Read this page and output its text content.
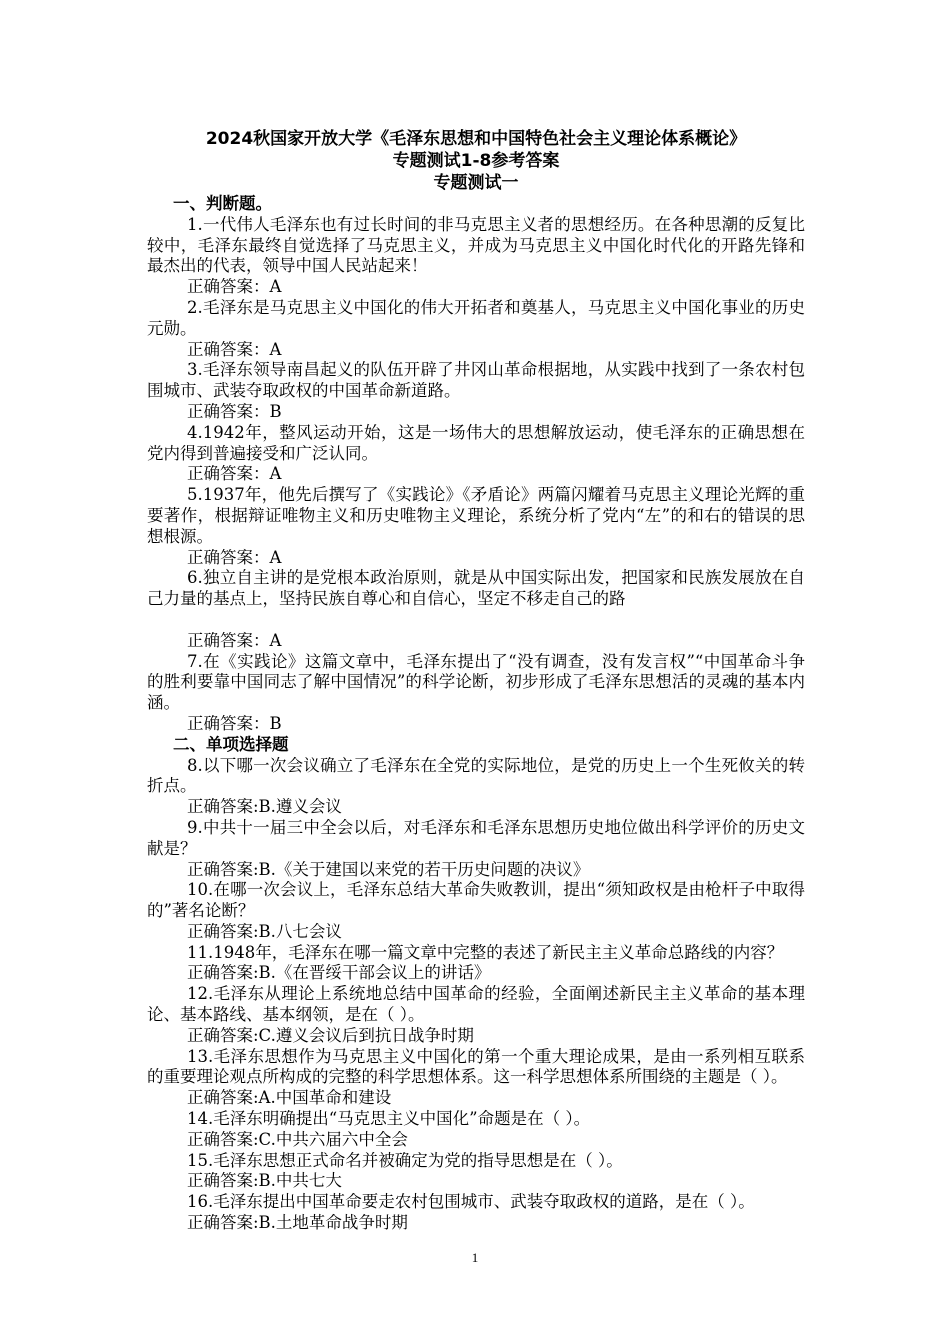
2024秋国家开放大学《毛泽东思想和中国特色社会主义理论体系概论》
专题测试1-8参考答案
专题测试一
一、判断题。

1.一代伟人毛泽东也有过长时间的非马克思主义者的思想经历。在各种思潮的反复比较中，毛泽东最终自觉选择了马克思主义，并成为马克思主义中国化时代化的开路先锋和最杰出的代表，领导中国人民站起来！

正确答案：A

2.毛泽东是马克思主义中国化的伟大开拓者和奠基人，马克思主义中国化事业的历史元勋。

正确答案：A

3.毛泽东领导南昌起义的队伍开辟了井冈山革命根据地，从实践中找到了一条农村包围城市、武装夺取政权的中国革命新道路。

正确答案：B

4.1942年，整风运动开始，这是一场伟大的思想解放运动，使毛泽东的正确思想在党内得到普遍接受和广泛认同。

正确答案：A

5.1937年，他先后撰写了《实践论》《矛盾论》两篇闪耀着马克思主义理论光辉的重要著作，根据辩证唯物主义和历史唯物主义理论，系统分析了党内“左”的和右的错误的思想根源。

正确答案：A

6.独立自主讲的是党根本政治原则，就是从中国实际出发，把国家和民族发展放在自己力量的基点上，坚持民族自尊心和自信心，坚定不移走自己的路

正确答案：A

7.在《实践论》这篇文章中，毛泽东提出了“没有调查，没有发言权”“中国革命斗争的胜利要靠中国同志了解中国情况”的科学论断，初步形成了毛泽东思想活的灵魂的基本内涵。

正确答案：B

二、单项选择题

8.以下哪一次会议确立了毛泽东在全党的实际地位，是党的历史上一个生死攸关的转折点。

正确答案:B.遵义会议

9.中共十一届三中全会以后，对毛泽东和毛泽东思想历史地位做出科学评价的历史文献是？

正确答案:B.《关于建国以来党的若干历史问题的决议》

10.在哪一次会议上，毛泽东总结大革命失败教训，提出“须知政权是由枪杆子中取得的”著名论断？

正确答案:B.八七会议

11.1948年，毛泽东在哪一篇文章中完整的表述了新民主主义革命总路线的内容？

正确答案:B.《在晋绥干部会议上的讲话》

12.毛泽东从理论上系统地总结中国革命的经验，全面阐述新民主主义革命的基本理论、基本路线、基本纲领，是在（ ）。

正确答案:C.遵义会议后到抗日战争时期

13.毛泽东思想作为马克思主义中国化的第一个重大理论成果，是由一系列相互联系的重要理论观点所构成的完整的科学思想体系。这一科学思想体系所围绕的主题是（ ）。

正确答案:A.中国革命和建设

14.毛泽东明确提出“马克思主义中国化”命题是在（ ）。

正确答案:C.中共六届六中全会

15.毛泽东思想正式命名并被确定为党的指导思想是在（ ）。

正确答案:B.中共七大

16.毛泽东提出中国革命要走农村包围城市、武装夺取政权的道路，是在（ ）。

正确答案:B.土地革命战争时期

1
